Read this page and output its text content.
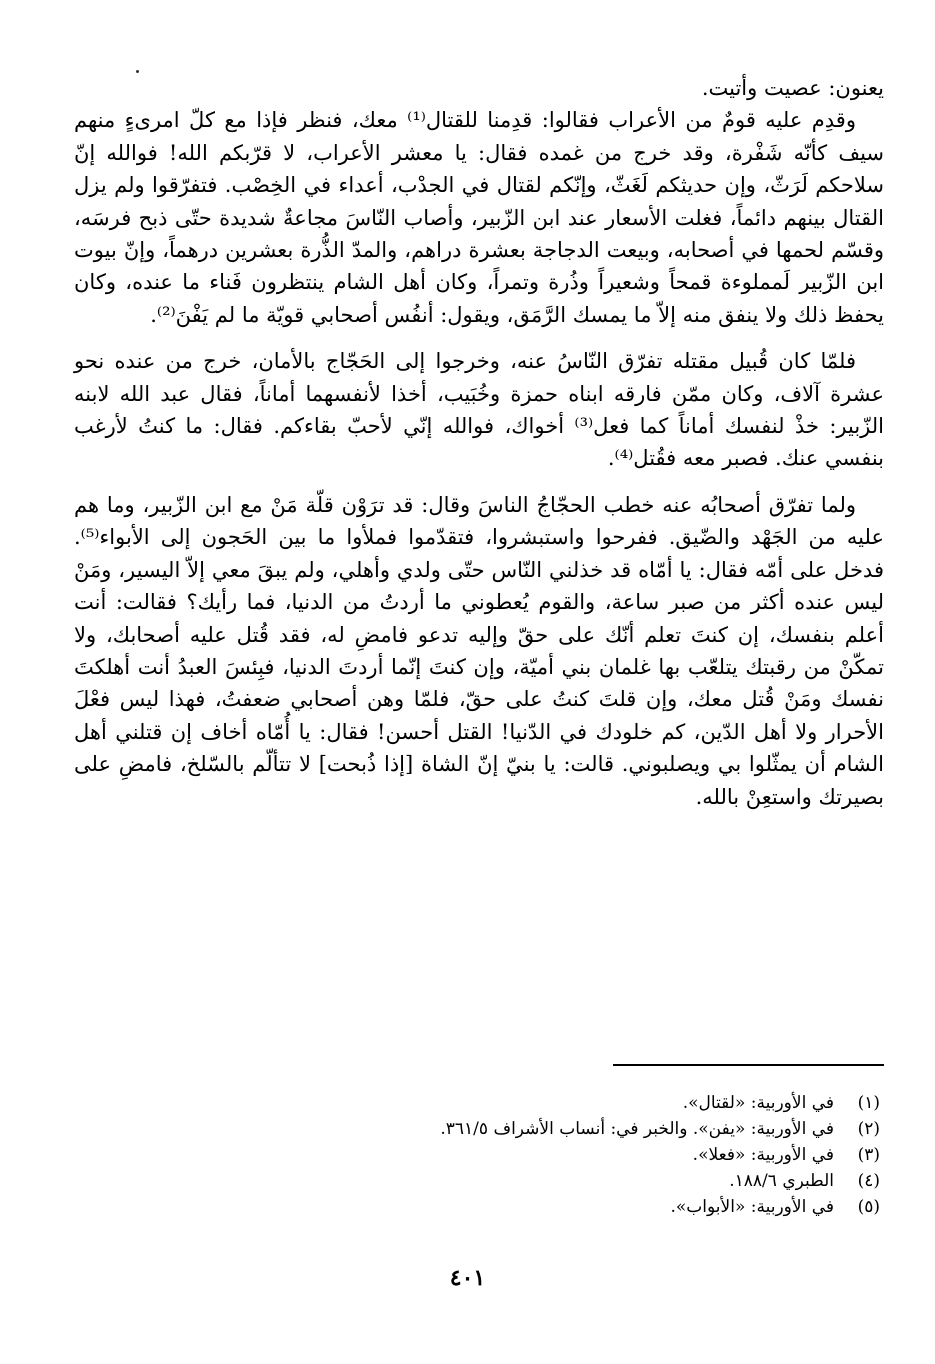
يعنون: عصيت وأتيت.

وقدِم عليه قومٌ من الأعراب فقالوا: قدِمنا للقتال⁽¹⁾ معك، فنظر فإذا مع كلّ امرىءٍ منهم سيف كأنّه شَفْرة، وقد خرج من غمده فقال: يا معشر الأعراب، لا قرّبكم الله! فوالله إنّ سلاحكم لَرَثّ، وإن حديثكم لَغَثّ، وإنّكم لقتال في الجدْب، أعداء في الخِصْب. فتفرّقوا ولم يزل القتال بينهم دائماً، فغلت الأسعار عند ابن الزّبير، وأصاب النّاسَ مجاعةٌ شديدة حتّى ذبح فرسَه، وقسّم لحمها في أصحابه، وبيعت الدجاجة بعشرة دراهم، والمدّ الذُّرة بعشرين درهماً، وإنّ بيوت ابن الزّبير لَمملوءة قمحاً وشعيراً وذُرة وتمراً، وكان أهل الشام ينتظرون فَناء ما عنده، وكان يحفظ ذلك ولا ينفق منه إلاّ ما يمسك الرَّمَق، ويقول: أنفُس أصحابي قويّة ما لم يَفْنَ⁽²⁾.

فلمّا كان قُبيل مقتله تفرّق النّاسُ عنه، وخرجوا إلى الحَجّاج بالأمان، خرج من عنده نحو عشرة آلاف، وكان ممّن فارقه ابناه حمزة وخُبَيب، أخذا لأنفسهما أماناً، فقال عبد الله لابنه الزّبير: خذْ لنفسك أماناً كما فعل⁽³⁾ أخواك، فوالله إنّي لأحبّ بقاءكم. فقال: ما كنتُ لأرغب بنفسي عنك. فصبر معه فقُتل⁽⁴⁾.

ولما تفرّق أصحابُه عنه خطب الحجّاجُ الناسَ وقال: قد ترَوْن قلّة مَنْ مع ابن الزّبير، وما هم عليه من الجَهْد والضّيق. ففرحوا واستبشروا، فتقدّموا فملأوا ما بين الحَجون إلى الأبواء⁽⁵⁾. فدخل على أمّه فقال: يا أمّاه قد خذلني النّاس حتّى ولدي وأهلي، ولم يبقَ معي إلاّ اليسير، ومَنْ ليس عنده أكثر من صبر ساعة، والقوم يُعطوني ما أردتُ من الدنيا، فما رأيك؟ فقالت: أنت أعلم بنفسك، إن كنتَ تعلم أنّك على حقّ وإليه تدعو فامضِ له، فقد قُتل عليه أصحابك، ولا تمكّنْ من رقبتك يتلعّب بها غلمان بني أميّة، وإن كنتَ إنّما أردتَ الدنيا، فبِئسَ العبدُ أنت أهلكتَ نفسك ومَنْ قُتل معك، وإن قلتَ كنتُ على حقّ، فلمّا وهن أصحابي ضعفتُ، فهذا ليس فعْلَ الأحرار ولا أهل الدّين، كم خلودك في الدّنيا! القتل أحسن! فقال: يا أُمّاه أخاف إن قتلني أهل الشام أن يمثّلوا بي ويصلبوني. قالت: يا بنيّ إنّ الشاة [إذا ذُبحت] لا تتألّم بالسّلخ، فامضِ على بصيرتك واستعِنْ بالله.

(١)
في الأوربية: «لقتال».
(٢)
في الأوربية: «يفن». والخبر في: أنساب الأشراف ٣٦١/٥.
(٣)
في الأوربية: «فعلا».
(٤)
الطبري ١٨٨/٦.
(٥)
في الأوربية: «الأبواب».
٤٠١
